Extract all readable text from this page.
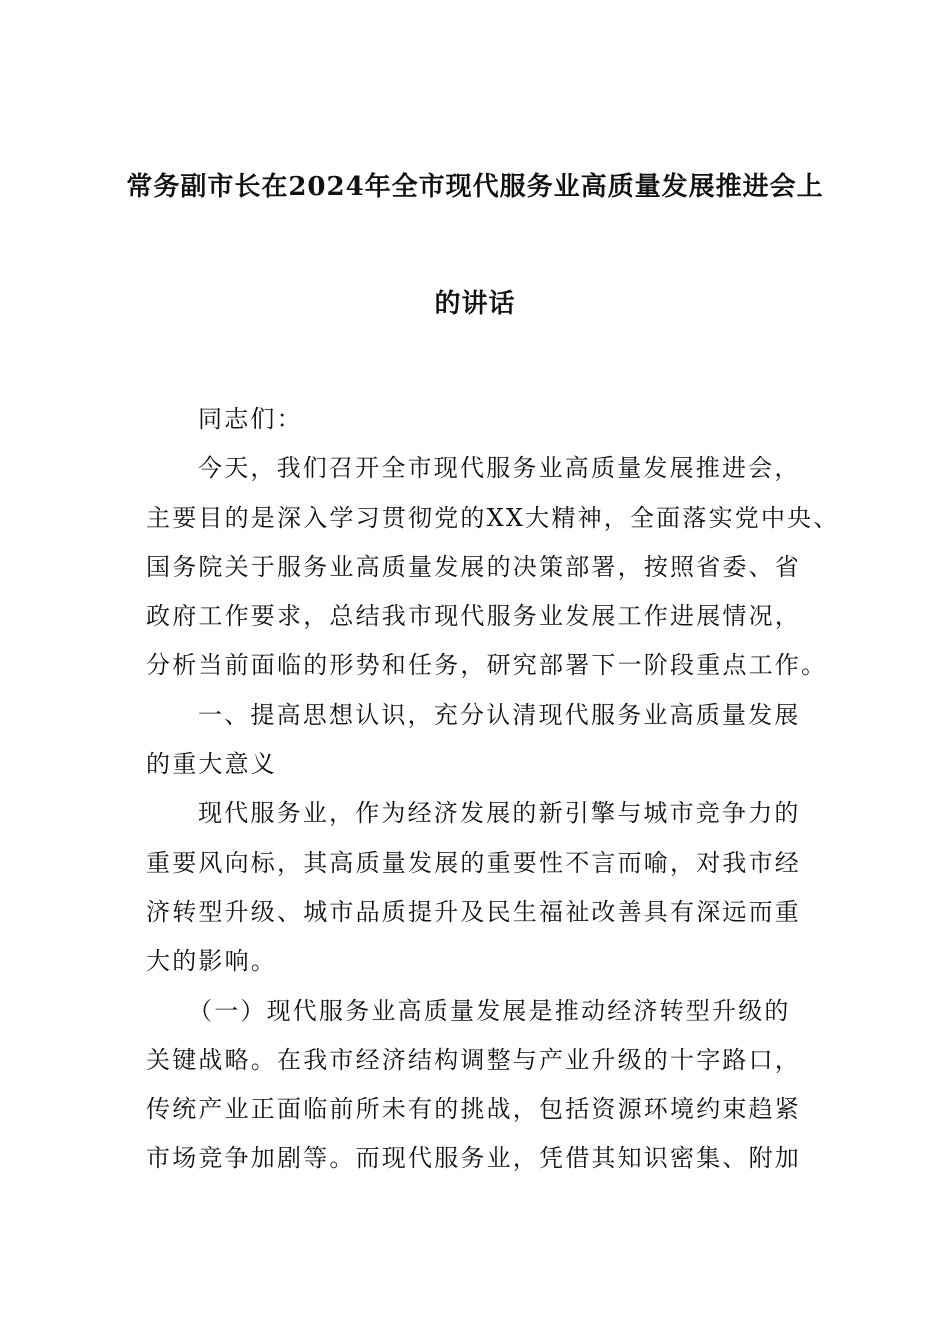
常务副市长在2024年全市现代服务业高质量发展推进会上
的讲话
同志们：
今天，我们召开全市现代服务业高质量发展推进会，
主要目的是深入学习贯彻党的XX大精神，全面落实党中央、
国务院关于服务业高质量发展的决策部署，按照省委、省
政府工作要求，总结我市现代服务业发展工作进展情况，
分析当前面临的形势和任务，研究部署下一阶段重点工作。
一、提高思想认识，充分认清现代服务业高质量发展
的重大意义
现代服务业，作为经济发展的新引擎与城市竞争力的
重要风向标，其高质量发展的重要性不言而喻，对我市经
济转型升级、城市品质提升及民生福祉改善具有深远而重
大的影响。
（一）现代服务业高质量发展是推动经济转型升级的
关键战略。在我市经济结构调整与产业升级的十字路口，
传统产业正面临前所未有的挑战，包括资源环境约束趋紧
市场竞争加剧等。而现代服务业，凭借其知识密集、附加
